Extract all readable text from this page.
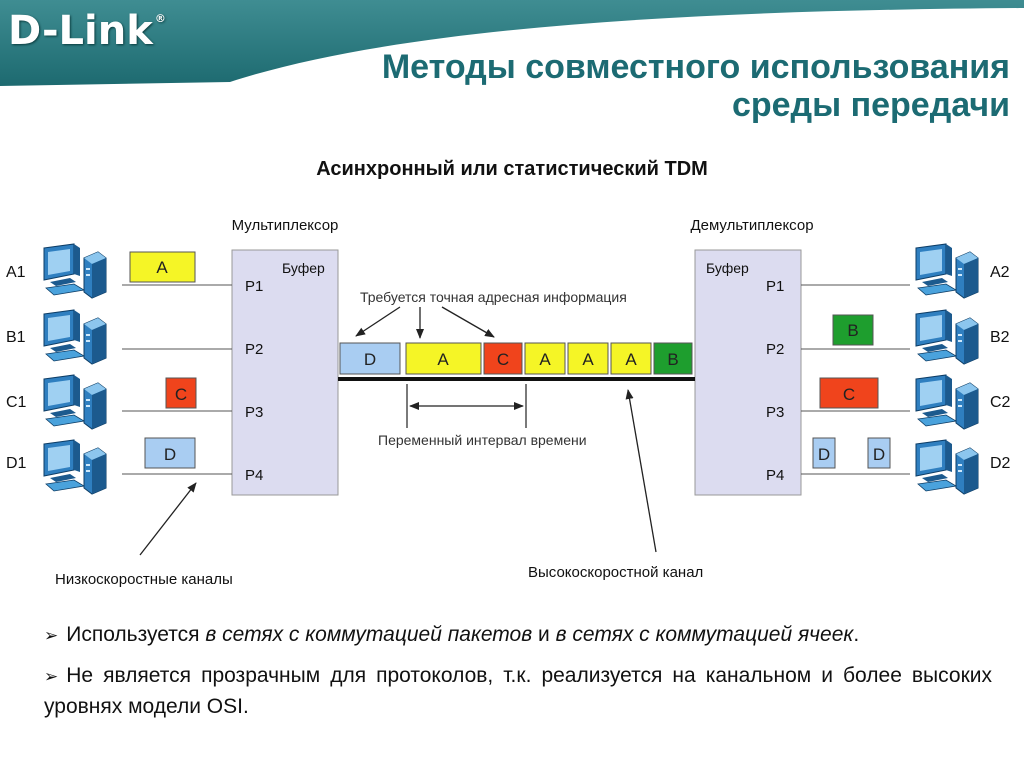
D-Link ®
Методы совместного использования
среды передачи
Асинхронный или статистический TDM
Мультиплексор	Демультиплексор
Буфер	Буфер
P1
P2
P3
P4
P1
P2
P3
P4
A1
B1
C1
D1
A2
B2
C2
D2
A
C
D
D	A	C A A A B
B
C
D	D
Требуется точная адресная информация
Переменный интервал времени
Низкоскоростные каналы	Высокоскоростной канал
➢ Используется в сетях с коммутацией пакетов и в сетях с коммутацией ячеек.
➢ Не является прозрачным для протоколов, т.к. реализуется на канальном и более высоких уровнях модели OSI.
